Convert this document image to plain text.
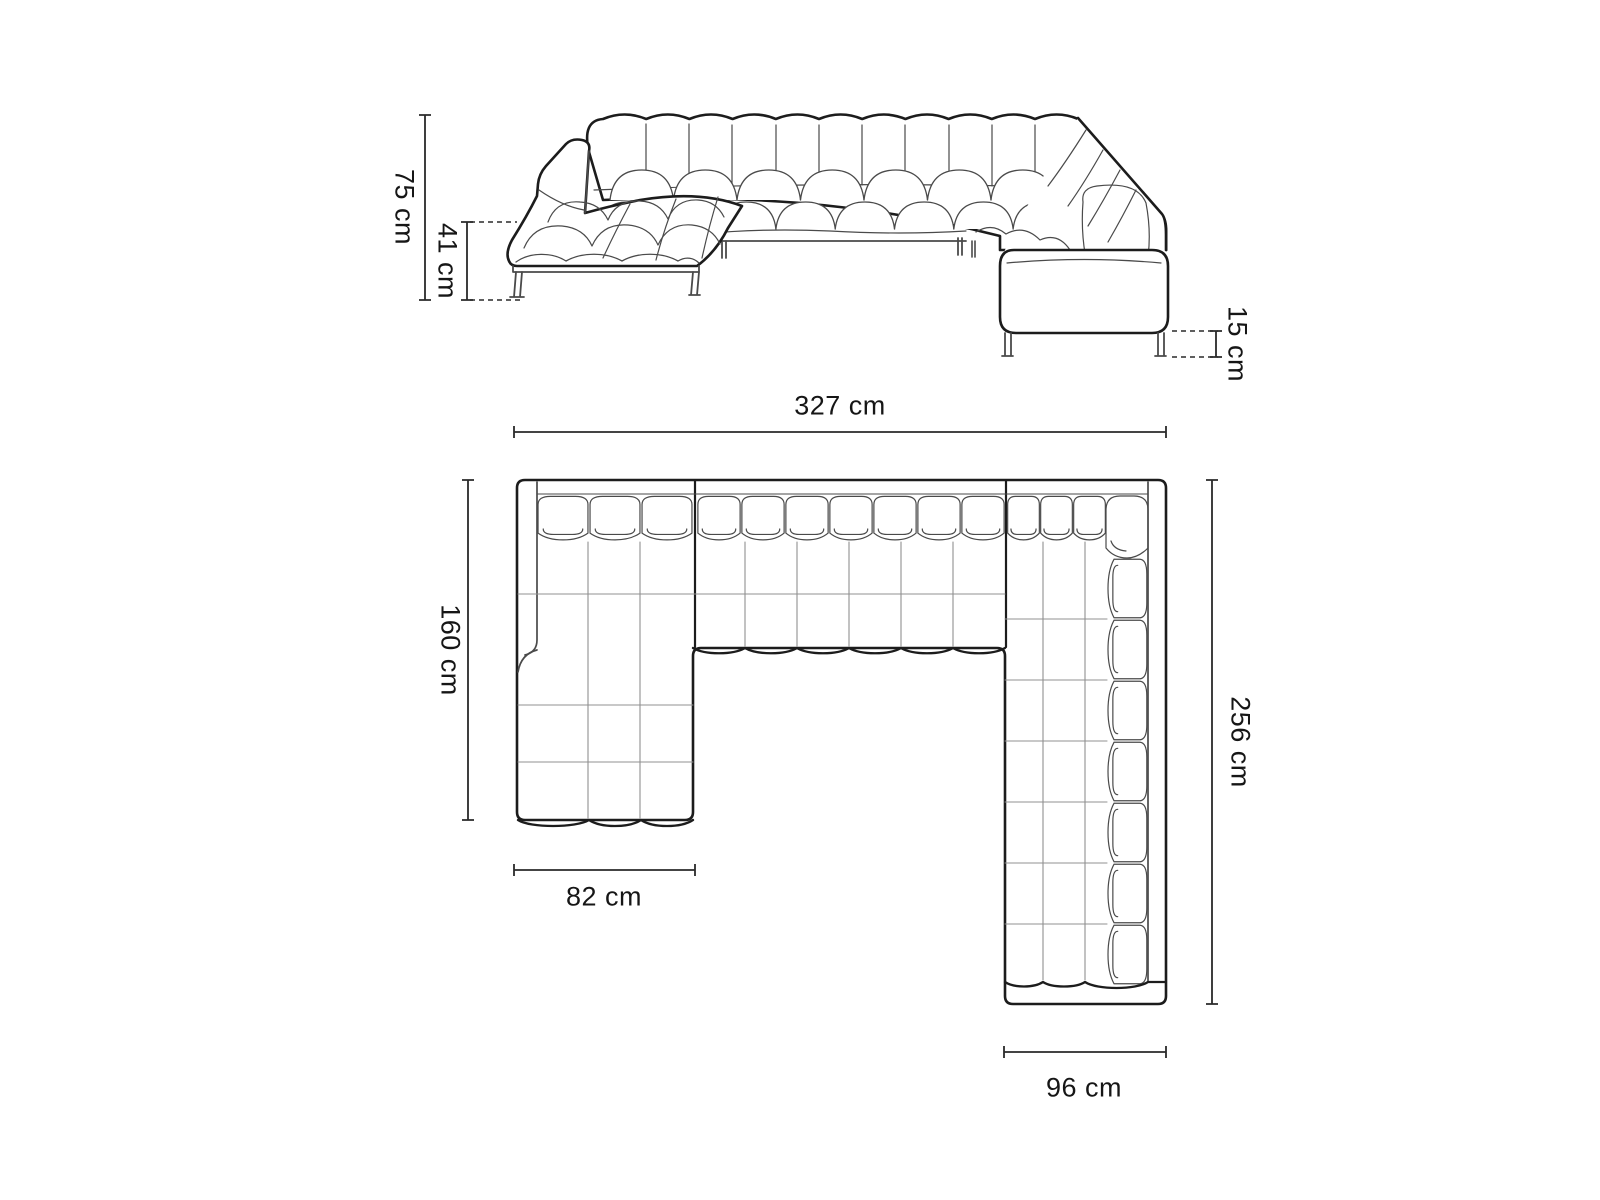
75 cm
41 cm
15 cm
327 cm
160 cm
256 cm
82 cm
96 cm
